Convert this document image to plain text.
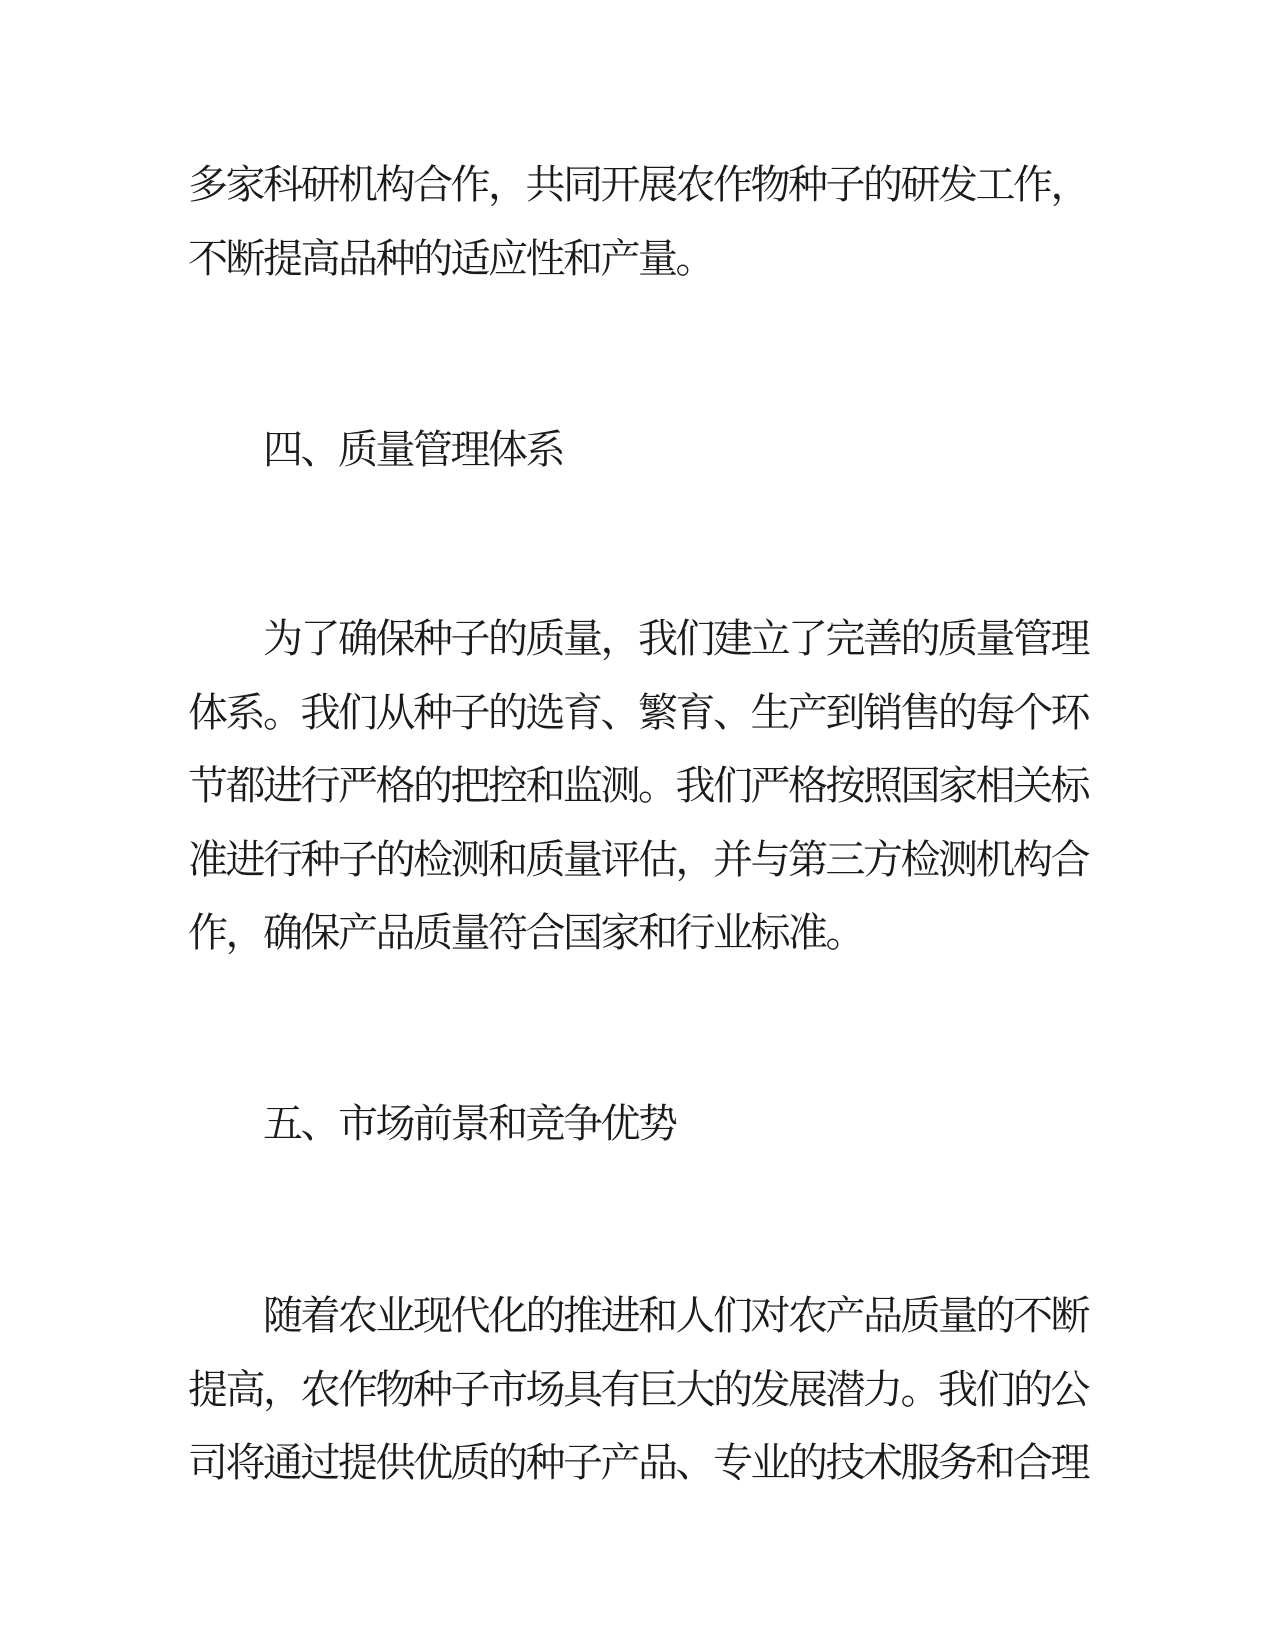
多家科研机构合作，共同开展农作物种子的研发工作，
不断提高品种的适应性和产量。
四、质量管理体系
为了确保种子的质量，我们建立了完善的质量管理
体系。我们从种子的选育、繁育、生产到销售的每个环
节都进行严格的把控和监测。我们严格按照国家相关标
准进行种子的检测和质量评估，并与第三方检测机构合
作，确保产品质量符合国家和行业标准。
五、市场前景和竞争优势
随着农业现代化的推进和人们对农产品质量的不断
提高，农作物种子市场具有巨大的发展潜力。我们的公
司将通过提供优质的种子产品、专业的技术服务和合理
